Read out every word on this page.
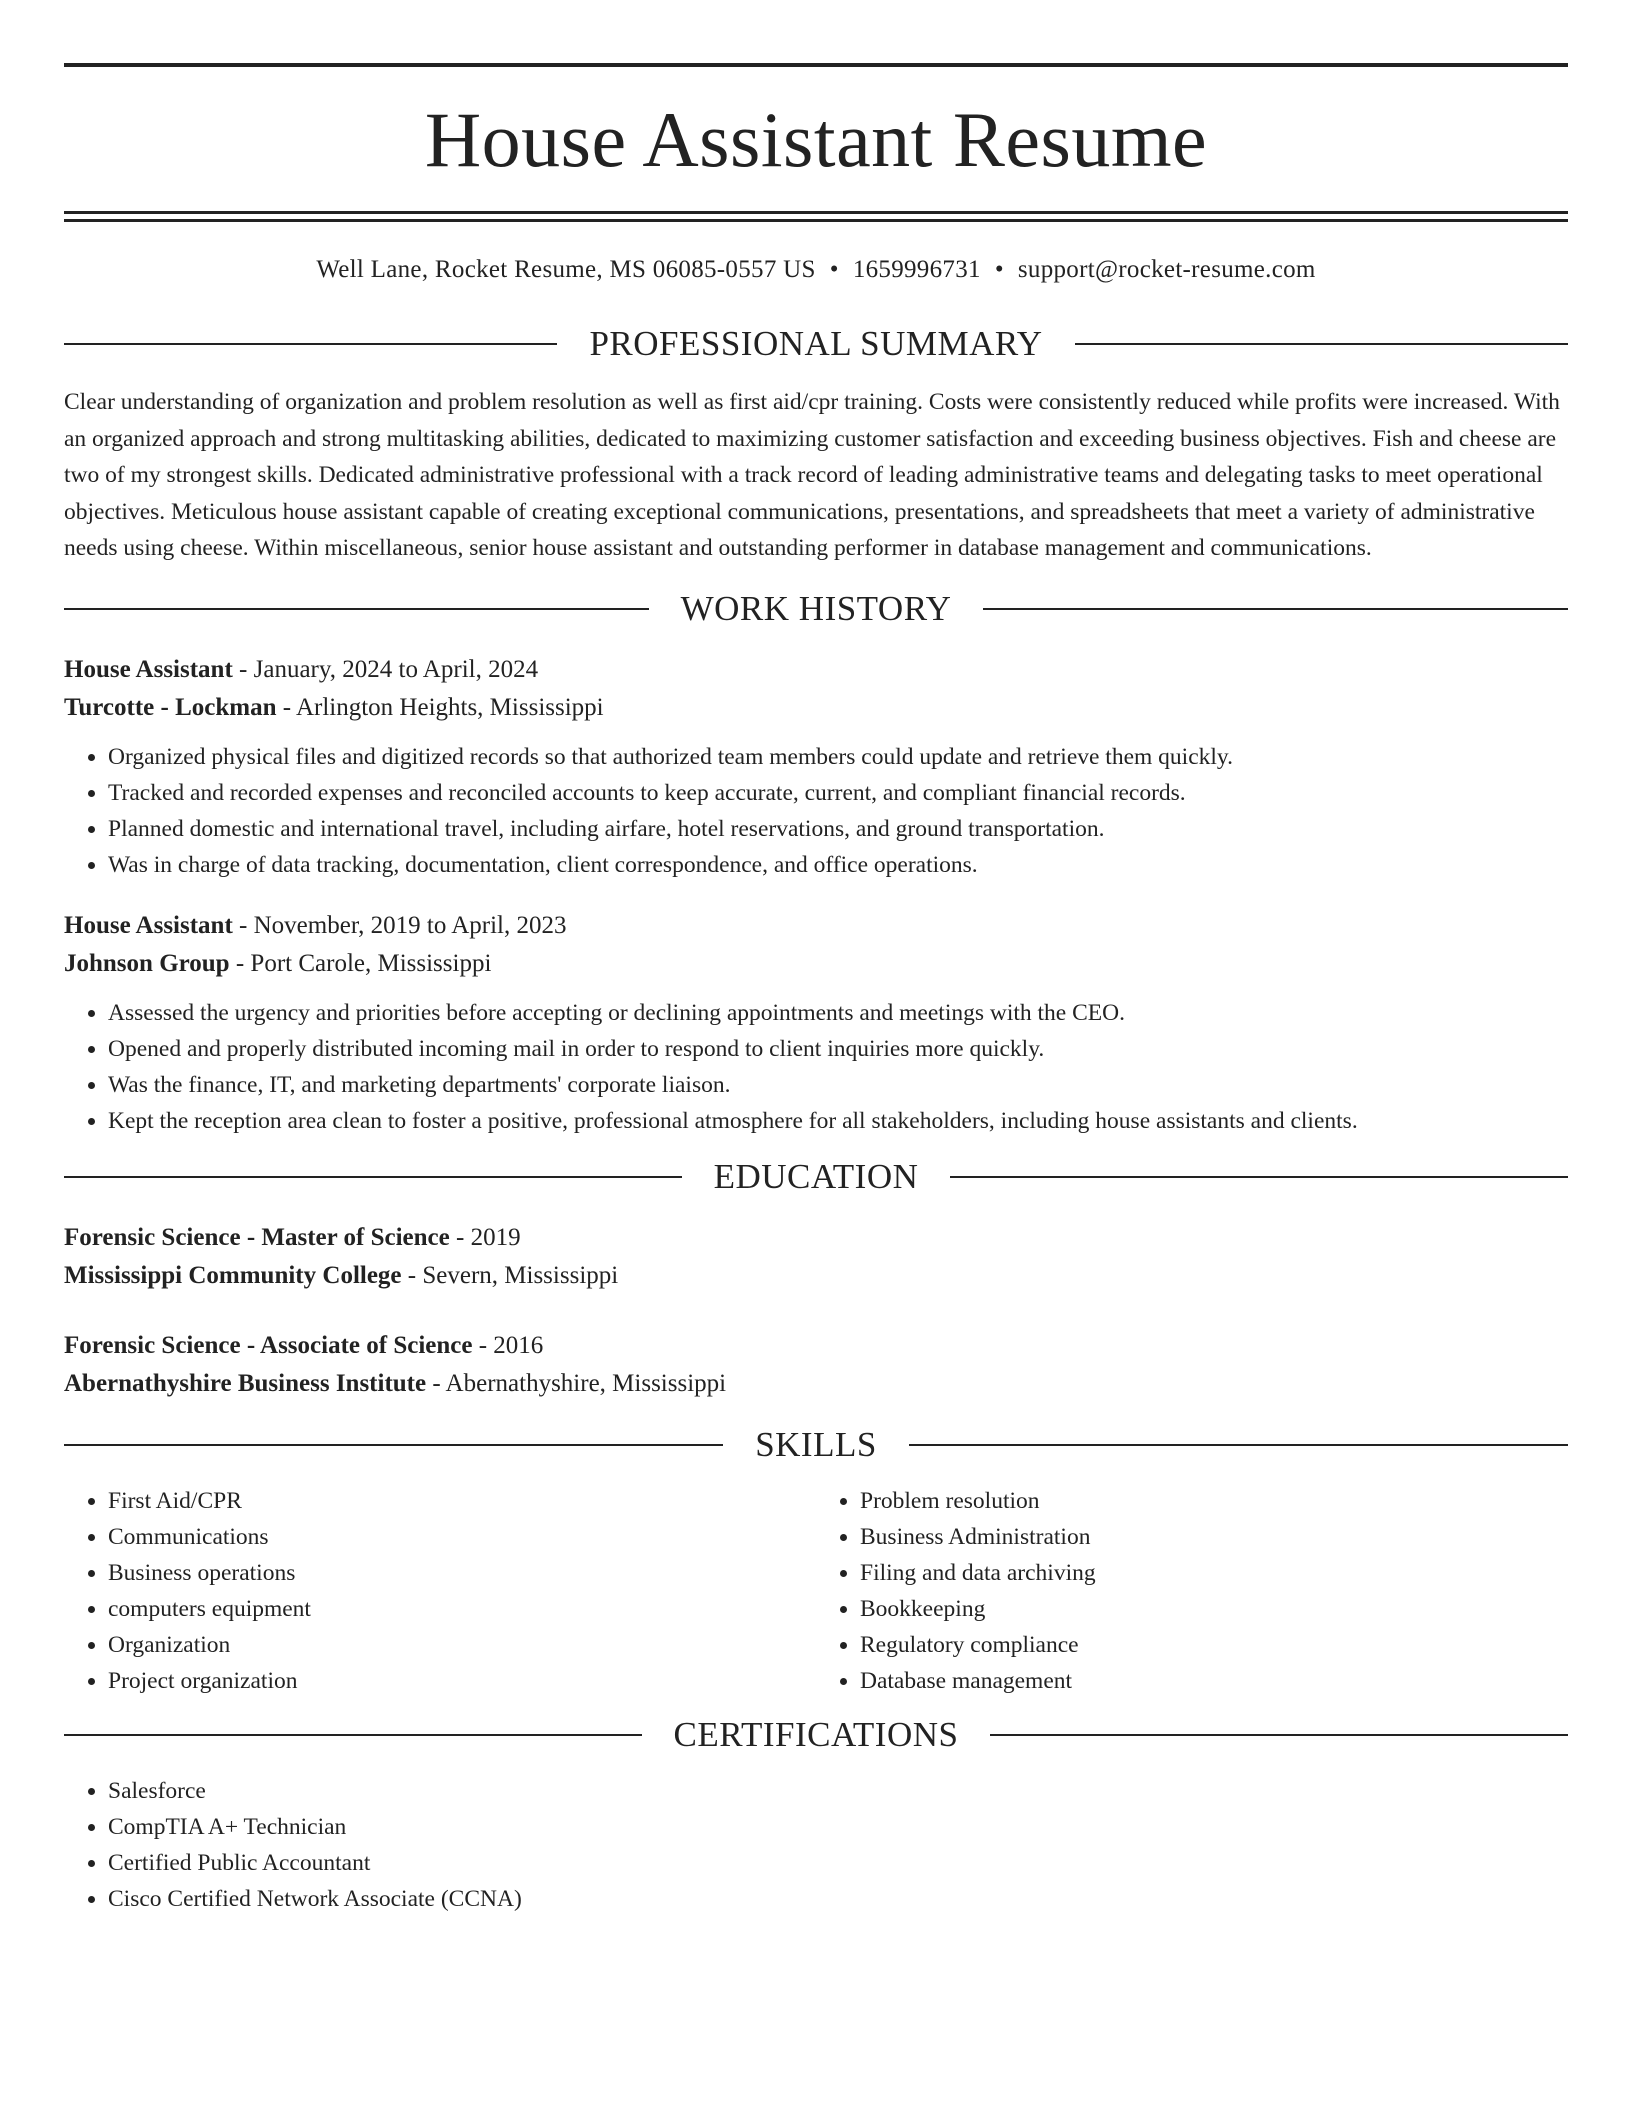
House Assistant Resume
Well Lane, Rocket Resume, MS 06085-0557 US • 1659996731 • support@rocket-resume.com
PROFESSIONAL SUMMARY

Clear understanding of organization and problem resolution as well as first aid/cpr training. Costs were consistently reduced while profits were increased. With an organized approach and strong multitasking abilities, dedicated to maximizing customer satisfaction and exceeding business objectives. Fish and cheese are two of my strongest skills. Dedicated administrative professional with a track record of leading administrative teams and delegating tasks to meet operational objectives. Meticulous house assistant capable of creating exceptional communications, presentations, and spreadsheets that meet a variety of administrative needs using cheese. Within miscellaneous, senior house assistant and outstanding performer in database management and communications.

WORK HISTORY
House Assistant - January, 2024 to April, 2024
Turcotte - Lockman - Arlington Heights, Mississippi
• Organized physical files and digitized records so that authorized team members could update and retrieve them quickly.
• Tracked and recorded expenses and reconciled accounts to keep accurate, current, and compliant financial records.
• Planned domestic and international travel, including airfare, hotel reservations, and ground transportation.
• Was in charge of data tracking, documentation, client correspondence, and office operations.
House Assistant - November, 2019 to April, 2023
Johnson Group - Port Carole, Mississippi
• Assessed the urgency and priorities before accepting or declining appointments and meetings with the CEO.
• Opened and properly distributed incoming mail in order to respond to client inquiries more quickly.
• Was the finance, IT, and marketing departments' corporate liaison.
• Kept the reception area clean to foster a positive, professional atmosphere for all stakeholders, including house assistants and clients.
EDUCATION
Forensic Science - Master of Science - 2019
Mississippi Community College - Severn, Mississippi
Forensic Science - Associate of Science - 2016
Abernathyshire Business Institute - Abernathyshire, Mississippi
SKILLS
• First Aid/CPR
• Communications
• Business operations
• computers equipment
• Organization
• Project organization
• Problem resolution
• Business Administration
• Filing and data archiving
• Bookkeeping
• Regulatory compliance
• Database management
CERTIFICATIONS
• Salesforce
• CompTIA A+ Technician
• Certified Public Accountant
• Cisco Certified Network Associate (CCNA)
